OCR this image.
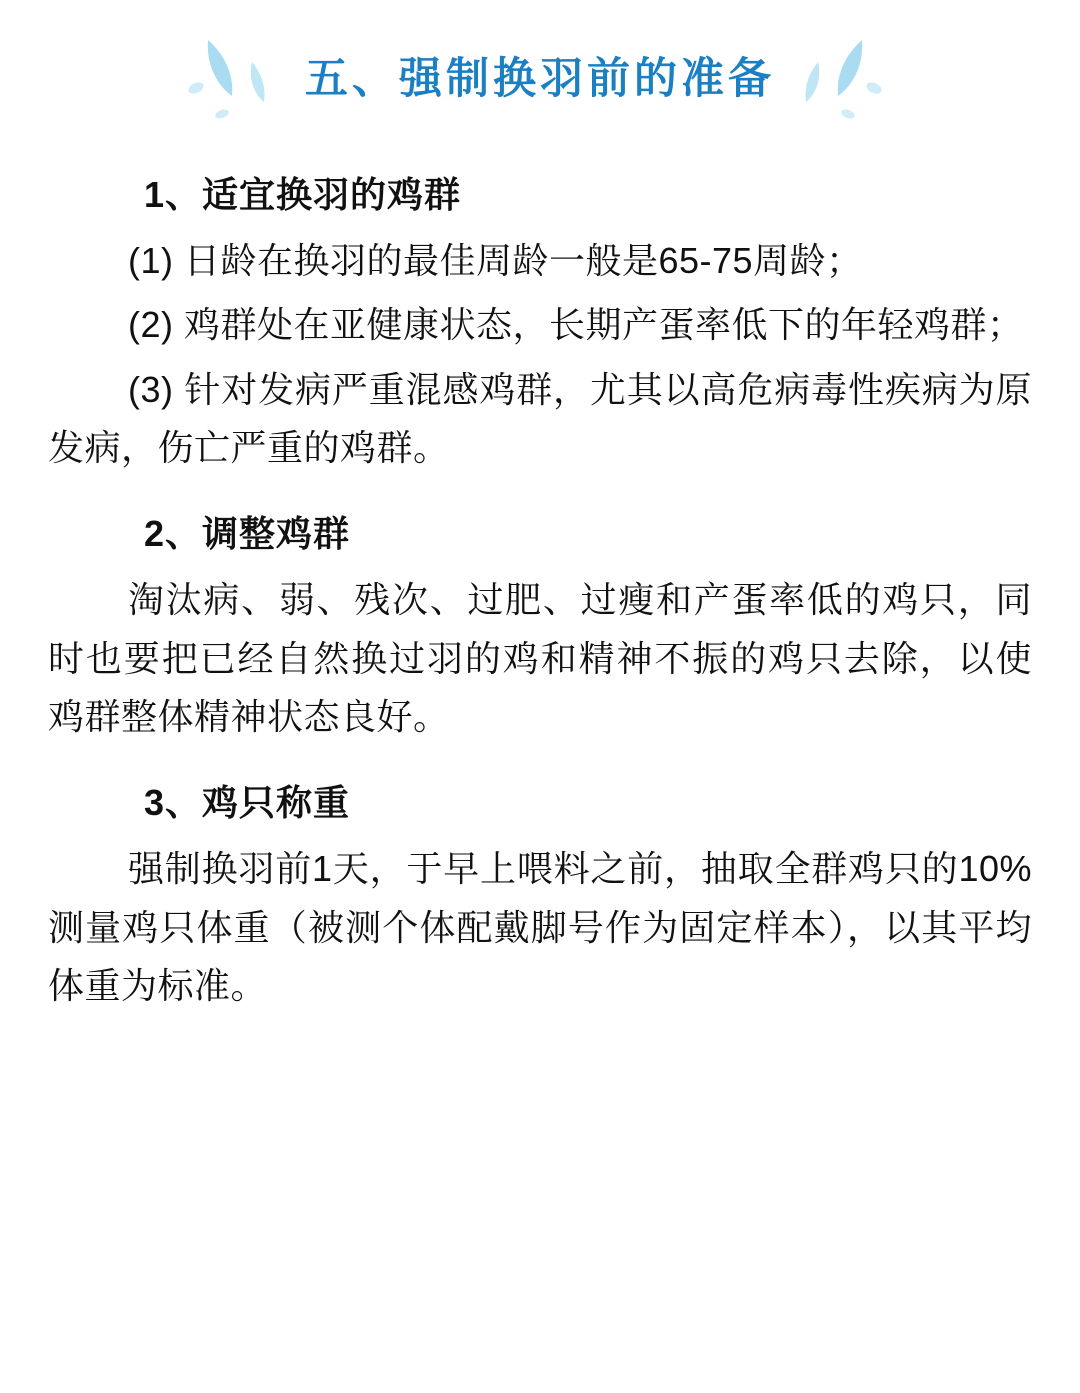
五、强制换羽前的准备
1、适宜换羽的鸡群

(1) 日龄在换羽的最佳周龄一般是65-75周龄；

(2) 鸡群处在亚健康状态，长期产蛋率低下的年轻鸡群；

(3) 针对发病严重混感鸡群，尤其以高危病毒性疾病为原发病，伤亡严重的鸡群。

2、调整鸡群

淘汰病、弱、残次、过肥、过瘦和产蛋率低的鸡只，同时也要把已经自然换过羽的鸡和精神不振的鸡只去除，以使鸡群整体精神状态良好。

3、鸡只称重

强制换羽前1天，于早上喂料之前，抽取全群鸡只的10%测量鸡只体重（被测个体配戴脚号作为固定样本），以其平均体重为标准。
